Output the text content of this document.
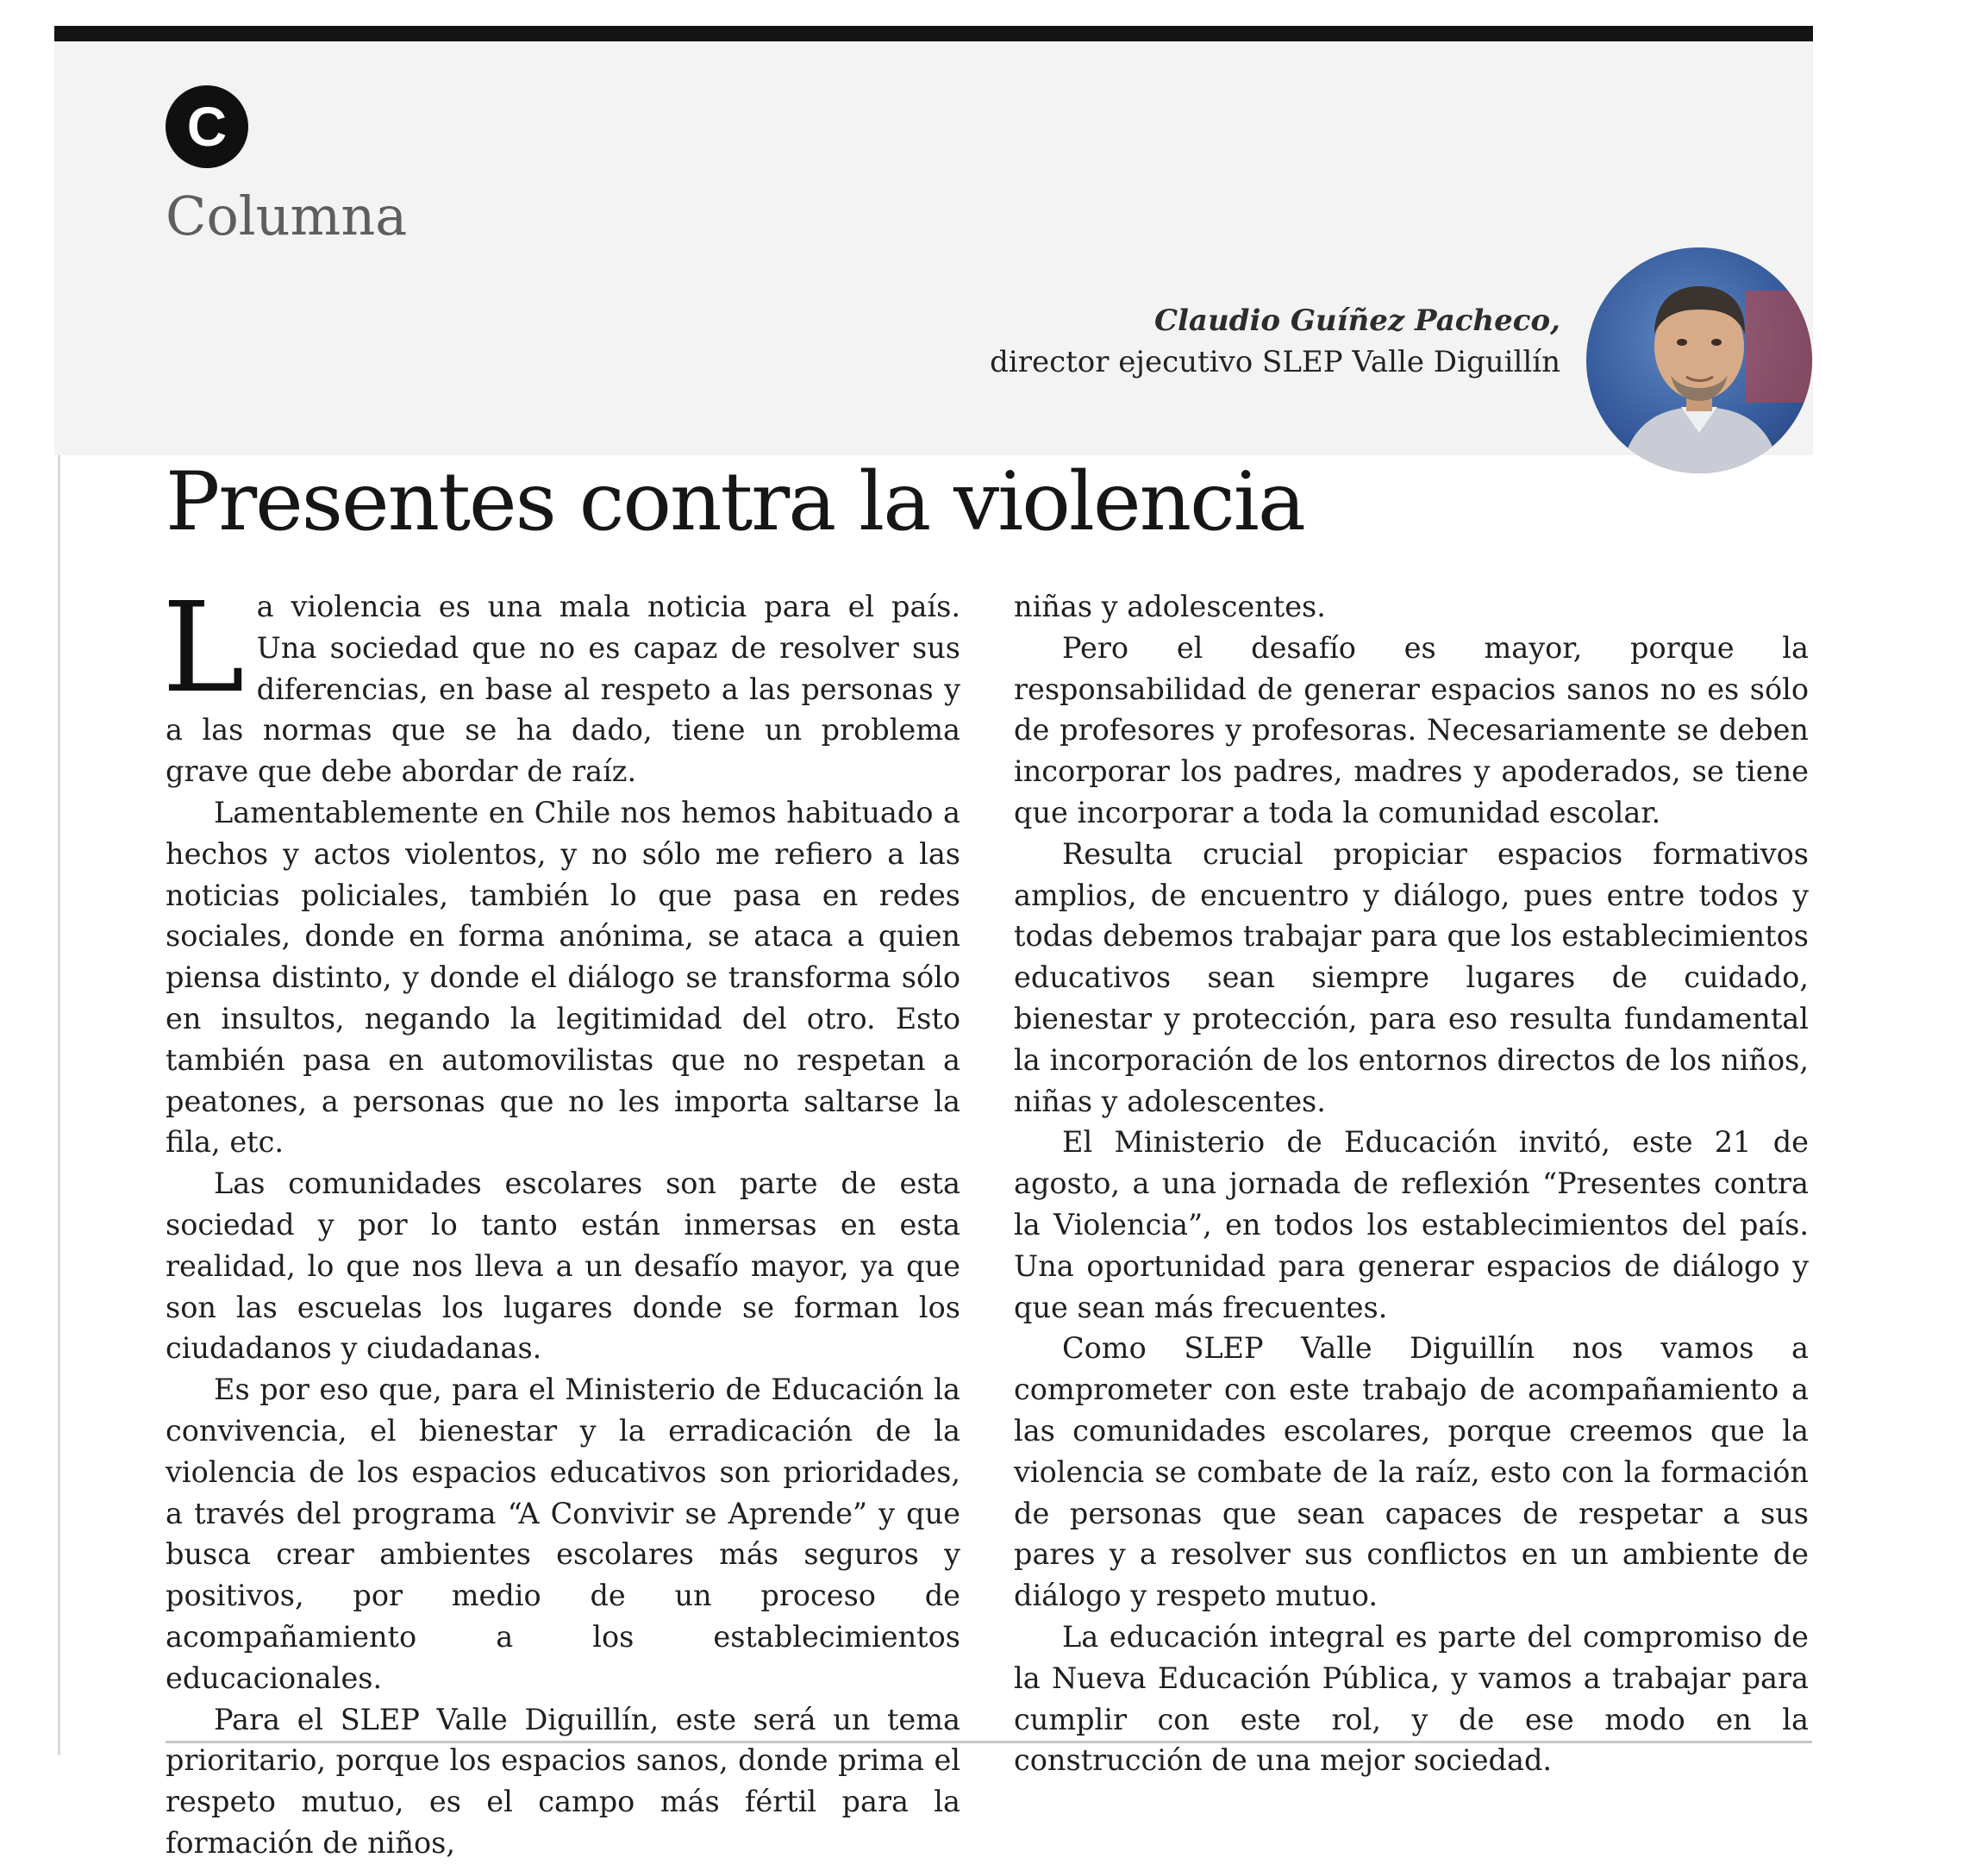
C
Columna
Claudio Guíñez Pacheco,
director ejecutivo SLEP Valle Diguillín
Presentes contra la violencia

La violencia es una mala noticia para el país. Una sociedad que no es capaz de resolver sus diferencias, en base al respeto a las personas y a las normas que se ha dado, tiene un problema grave que debe abordar de raíz.

Lamentablemente en Chile nos hemos habituado a hechos y actos violentos, y no sólo me refiero a las noticias policiales, también lo que pasa en redes sociales, donde en forma anónima, se ataca a quien piensa distinto, y donde el diálogo se transforma sólo en insultos, negando la legitimidad del otro. Esto también pasa en automovilistas que no respetan a peatones, a personas que no les importa saltarse la fila, etc.

Las comunidades escolares son parte de esta sociedad y por lo tanto están inmersas en esta realidad, lo que nos lleva a un desafío mayor, ya que son las escuelas los lugares donde se forman los ciudadanos y ciudadanas.

Es por eso que, para el Ministerio de Educación la convivencia, el bienestar y la erradicación de la violencia de los espacios educativos son prioridades, a través del programa “A Convivir se Aprende” y que busca crear ambientes escolares más seguros y positivos, por medio de un proceso de acompañamiento a los establecimientos educacionales.

Para el SLEP Valle Diguillín, este será un tema prioritario, porque los espacios sanos, donde prima el respeto mutuo, es el campo más fértil para la formación de niños,

niñas y adolescentes.

Pero el desafío es mayor, porque la responsabilidad de generar espacios sanos no es sólo de profesores y profesoras. Necesariamente se deben incorporar los padres, madres y apoderados, se tiene que incorporar a toda la comunidad escolar.

Resulta crucial propiciar espacios formativos amplios, de encuentro y diálogo, pues entre todos y todas debemos trabajar para que los establecimientos educativos sean siempre lugares de cuidado, bienestar y protección, para eso resulta fundamental la incorporación de los entornos directos de los niños, niñas y adolescentes.

El Ministerio de Educación invitó, este 21 de agosto, a una jornada de reflexión “Presentes contra la Violencia”, en todos los establecimientos del país. Una oportunidad para generar espacios de diálogo y que sean más frecuentes.

Como SLEP Valle Diguillín nos vamos a comprometer con este trabajo de acompañamiento a las comunidades escolares, porque creemos que la violencia se combate de la raíz, esto con la formación de personas que sean capaces de respetar a sus pares y a resolver sus conflictos en un ambiente de diálogo y respeto mutuo.

La educación integral es parte del compromiso de la Nueva Educación Pública, y vamos a trabajar para cumplir con este rol, y de ese modo en la construcción de una mejor sociedad.
